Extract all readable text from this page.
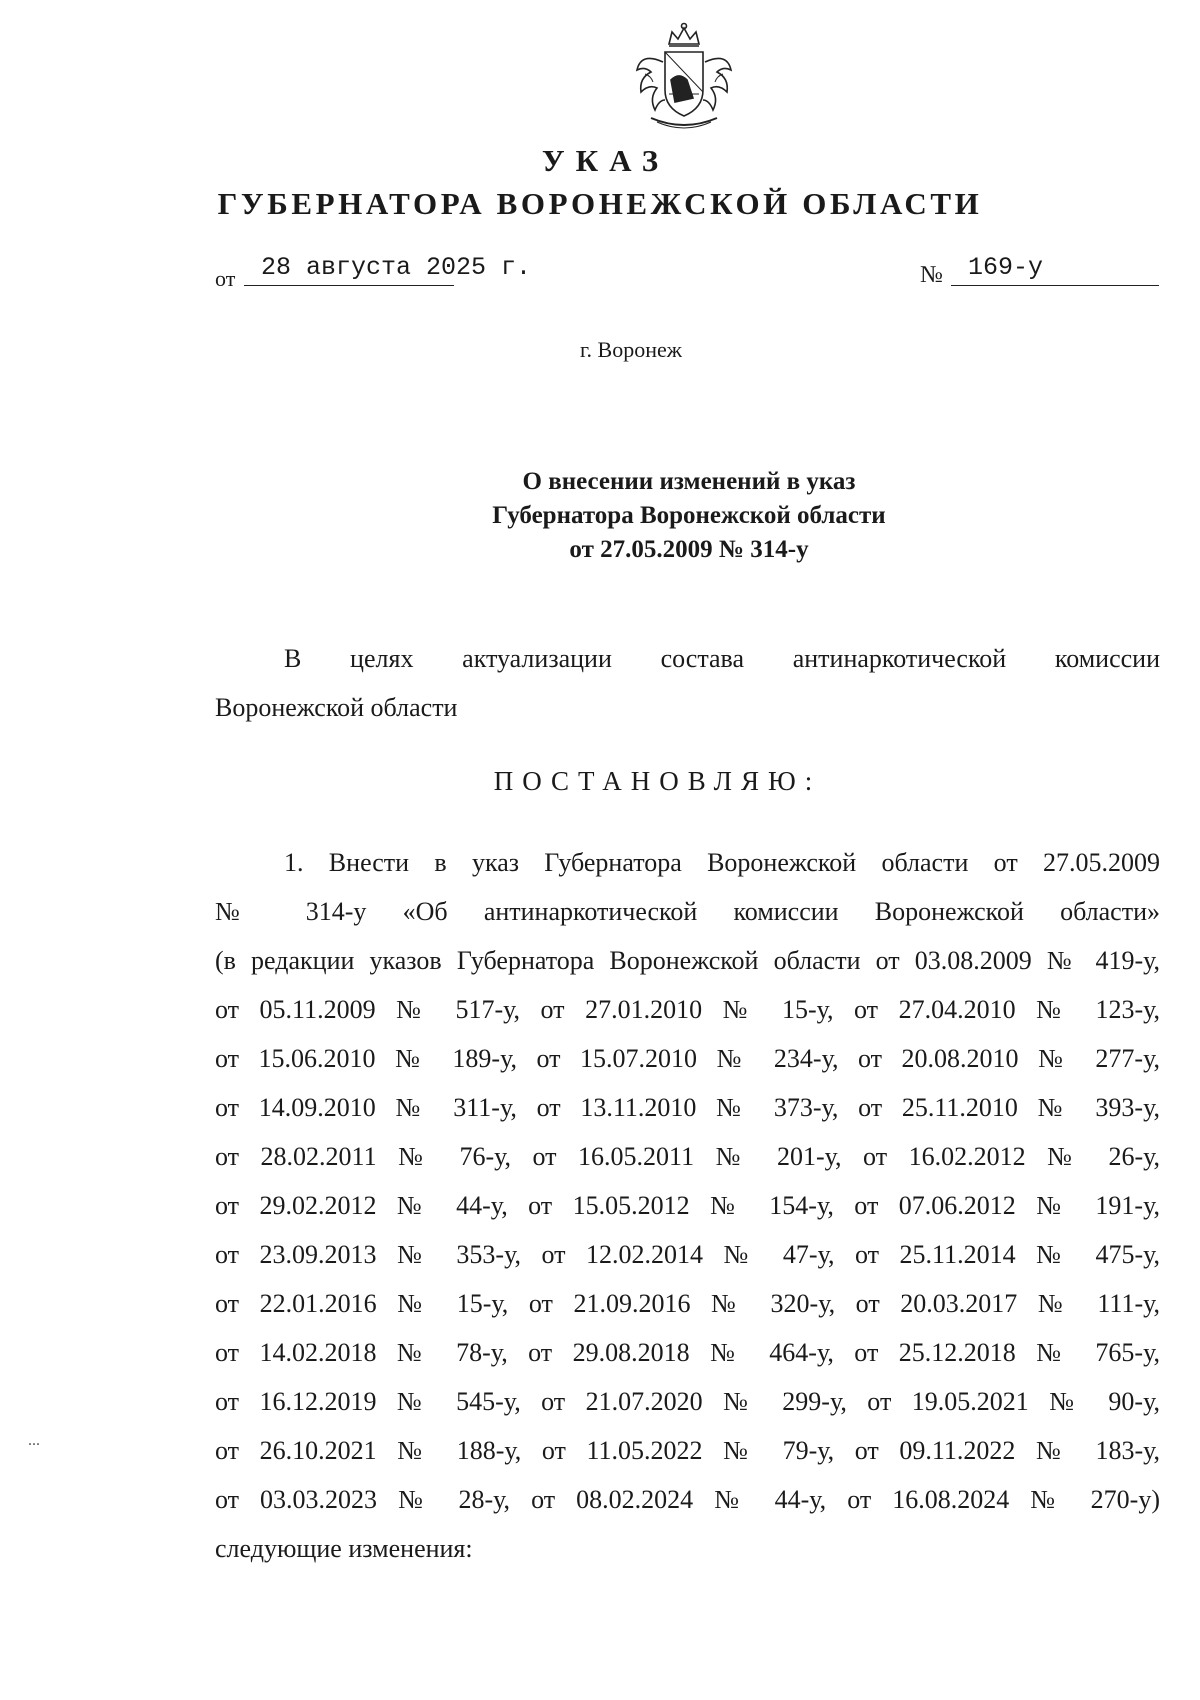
УКАЗ
ГУБЕРНАТОРА ВОРОНЕЖСКОЙ ОБЛАСТИ
от 28 августа 2025 г.	№ 169-у
г. Воронеж
О внесении изменений в указ
Губернатора Воронежской области
от 27.05.2009 № 314-у
В целях актуализации состава антинаркотической комиссии
Воронежской области
ПОСТАНОВЛЯЮ:
1. Внести в указ Губернатора Воронежской области от 27.05.2009
№ 314-у «Об антинаркотической комиссии Воронежской области»
(в редакции указов Губернатора Воронежской области от 03.08.2009 № 419-у,
от 05.11.2009 № 517-у, от 27.01.2010 № 15-у, от 27.04.2010 № 123-у,
от 15.06.2010 № 189-у, от 15.07.2010 № 234-у, от 20.08.2010 № 277-у,
от 14.09.2010 № 311-у, от 13.11.2010 № 373-у, от 25.11.2010 № 393-у,
от 28.02.2011 № 76-у, от 16.05.2011 № 201-у, от 16.02.2012 № 26-у,
от 29.02.2012 № 44-у, от 15.05.2012 № 154-у, от 07.06.2012 № 191-у,
от 23.09.2013 № 353-у, от 12.02.2014 № 47-у, от 25.11.2014 № 475-у,
от 22.01.2016 № 15-у, от 21.09.2016 № 320-у, от 20.03.2017 № 111-у,
от 14.02.2018 № 78-у, от 29.08.2018 № 464-у, от 25.12.2018 № 765-у,
от 16.12.2019 № 545-у, от 21.07.2020 № 299-у, от 19.05.2021 № 90-у,
от 26.10.2021 № 188-у, от 11.05.2022 № 79-у, от 09.11.2022 № 183-у,
от 03.03.2023 № 28-у, от 08.02.2024 № 44-у, от 16.08.2024 № 270-у)
следующие изменения:
...
